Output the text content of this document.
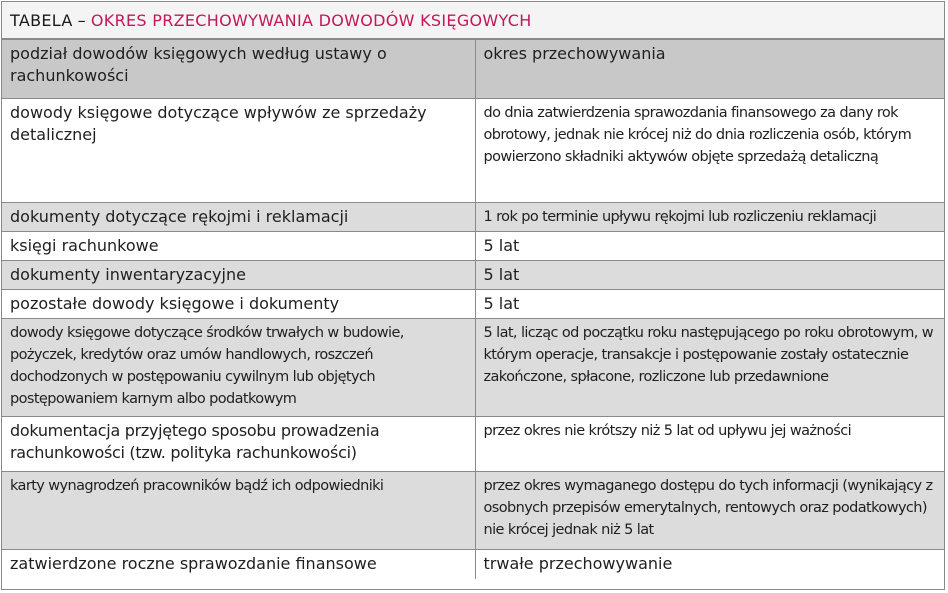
TABELA – OKRES PRZECHOWYWANIA DOWODÓW KSIĘGOWYCH
podział dowodów księgowych według ustawy o rachunkowości	okres przechowywania
dowody księgowe dotyczące wpływów ze sprzedaży detalicznej	do dnia zatwierdzenia sprawozdania finansowego za dany rok obrotowy, jednak nie krócej niż do dnia rozliczenia osób, którym powierzono składniki aktywów objęte sprzedażą detaliczną
dokumenty dotyczące rękojmi i reklamacji	1 rok po terminie upływu rękojmi lub rozliczeniu reklamacji
księgi rachunkowe	5 lat
dokumenty inwentaryzacyjne	5 lat
pozostałe dowody księgowe i dokumenty	5 lat
dowody księgowe dotyczące środków trwałych w budowie, pożyczek, kredytów oraz umów handlowych, roszczeń dochodzonych w postępowaniu cywilnym lub objętych postępowaniem karnym albo podatkowym	5 lat, licząc od początku roku następującego po roku obrotowym, w którym operacje, transakcje i postępowanie zostały ostatecznie zakończone, spłacone, rozliczone lub przedawnione
dokumentacja przyjętego sposobu prowadzenia rachunkowości (tzw. polityka rachunkowości)	przez okres nie krótszy niż 5 lat od upływu jej ważności
karty wynagrodzeń pracowników bądź ich odpowiedniki	przez okres wymaganego dostępu do tych informacji (wynikający z osobnych przepisów emerytalnych, rentowych oraz podatkowych) nie krócej jednak niż 5 lat
zatwierdzone roczne sprawozdanie finansowe	trwałe przechowywanie
